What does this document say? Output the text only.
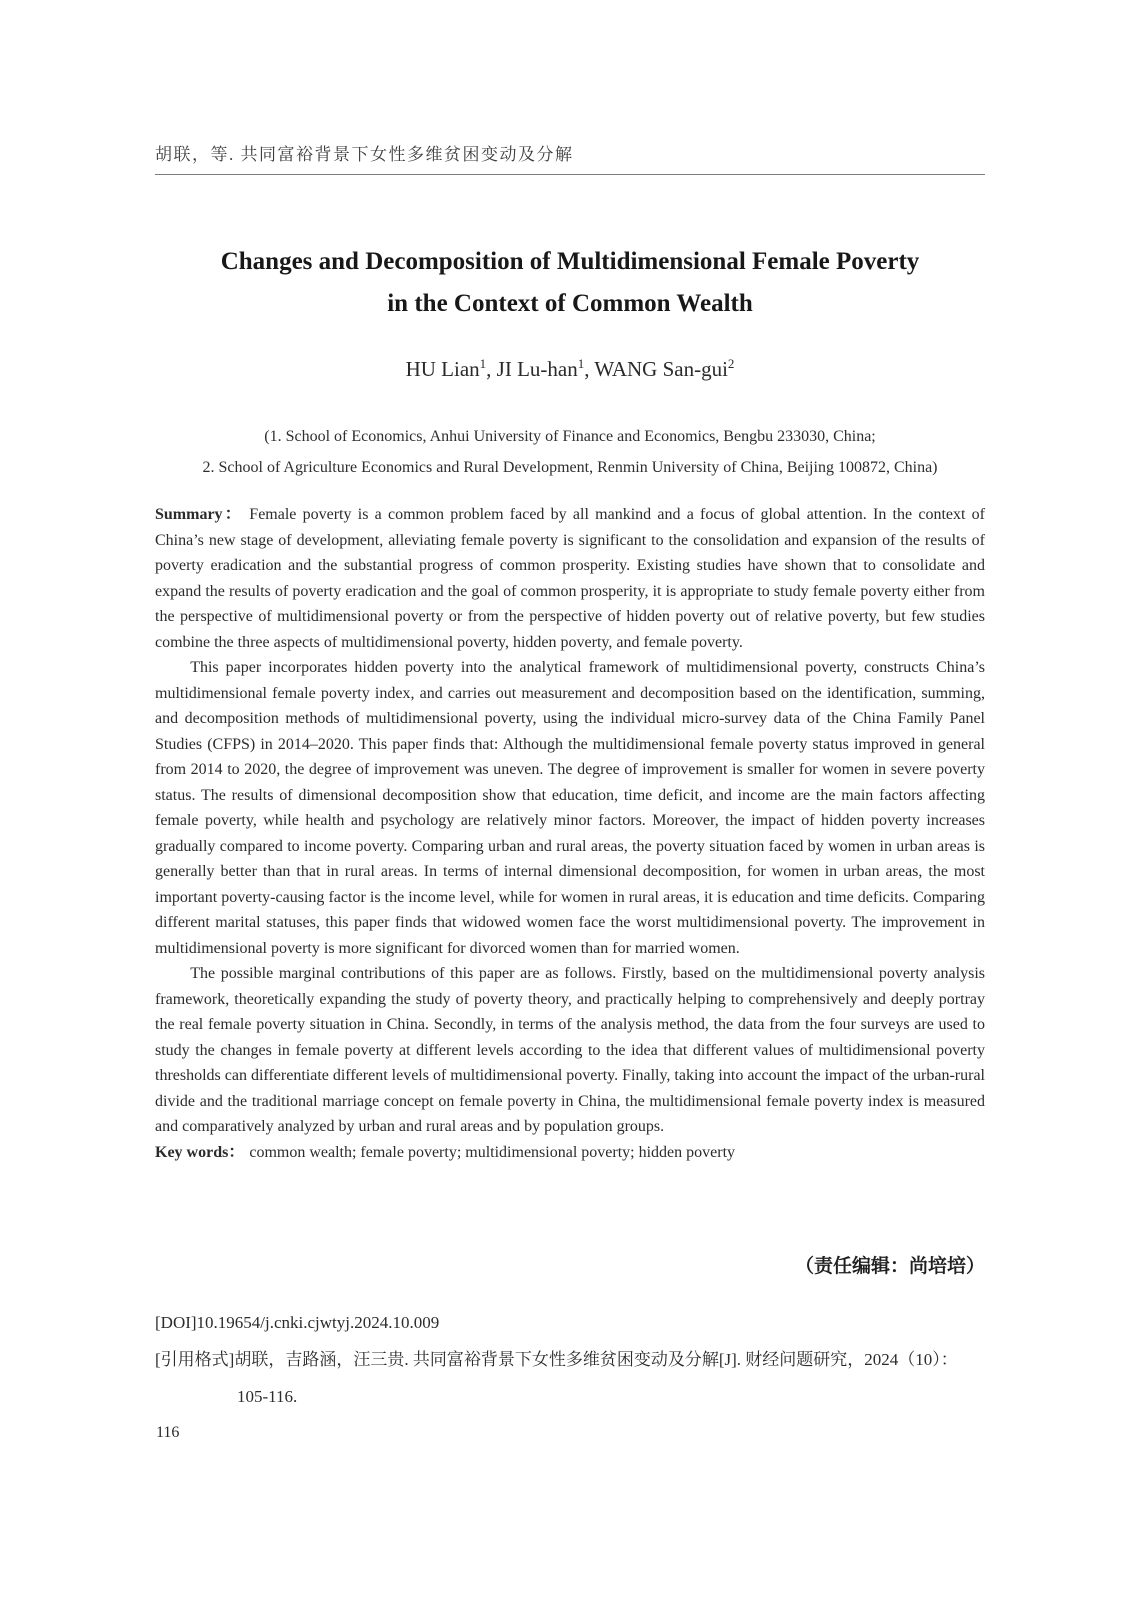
胡联，等. 共同富裕背景下女性多维贫困变动及分解
Changes and Decomposition of Multidimensional Female Poverty
in the Context of Common Wealth
HU Lian$^1$, JI Lu-han$^1$, WANG San-gui$^2$
(1. School of Economics, Anhui University of Finance and Economics, Bengbu 233030, China;
2. School of Agriculture Economics and Rural Development, Renmin University of China, Beijing 100872, China)

Summary： Female poverty is a common problem faced by all mankind and a focus of global attention. In the context of China’s new stage of development, alleviating female poverty is significant to the consolidation and expansion of the results of poverty eradication and the substantial progress of common prosperity. Existing studies have shown that to consolidate and expand the results of poverty eradication and the goal of common prosperity, it is appropriate to study female poverty either from the perspective of multidimensional poverty or from the perspective of hidden poverty out of relative poverty, but few studies combine the three aspects of multidimensional poverty, hidden poverty, and female poverty.

This paper incorporates hidden poverty into the analytical framework of multidimensional poverty, constructs China’s multidimensional female poverty index, and carries out measurement and decomposition based on the identification, summing, and decomposition methods of multidimensional poverty, using the individual micro-survey data of the China Family Panel Studies (CFPS) in 2014–2020. This paper finds that: Although the multidimensional female poverty status improved in general from 2014 to 2020, the degree of improvement was uneven. The degree of improvement is smaller for women in severe poverty status. The results of dimensional decomposition show that education, time deficit, and income are the main factors affecting female poverty, while health and psychology are relatively minor factors. Moreover, the impact of hidden poverty increases gradually compared to income poverty. Comparing urban and rural areas, the poverty situation faced by women in urban areas is generally better than that in rural areas. In terms of internal dimensional decomposition, for women in urban areas, the most important poverty-causing factor is the income level, while for women in rural areas, it is education and time deficits. Comparing different marital statuses, this paper finds that widowed women face the worst multidimensional poverty. The improvement in multidimensional poverty is more significant for divorced women than for married women.

The possible marginal contributions of this paper are as follows. Firstly, based on the multidimensional poverty analysis framework, theoretically expanding the study of poverty theory, and practically helping to comprehensively and deeply portray the real female poverty situation in China. Secondly, in terms of the analysis method, the data from the four surveys are used to study the changes in female poverty at different levels according to the idea that different values of multidimensional poverty thresholds can differentiate different levels of multidimensional poverty. Finally, taking into account the impact of the urban-rural divide and the traditional marriage concept on female poverty in China, the multidimensional female poverty index is measured and comparatively analyzed by urban and rural areas and by population groups.

Key words： common wealth; female poverty; multidimensional poverty; hidden poverty

（责任编辑：尚培培）

[DOI]10.19654/j.cnki.cjwtyj.2024.10.009

[引用格式]胡联，吉路涵，汪三贵. 共同富裕背景下女性多维贫困变动及分解[J]. 财经问题研究，2024（10）：

105-116.

116
